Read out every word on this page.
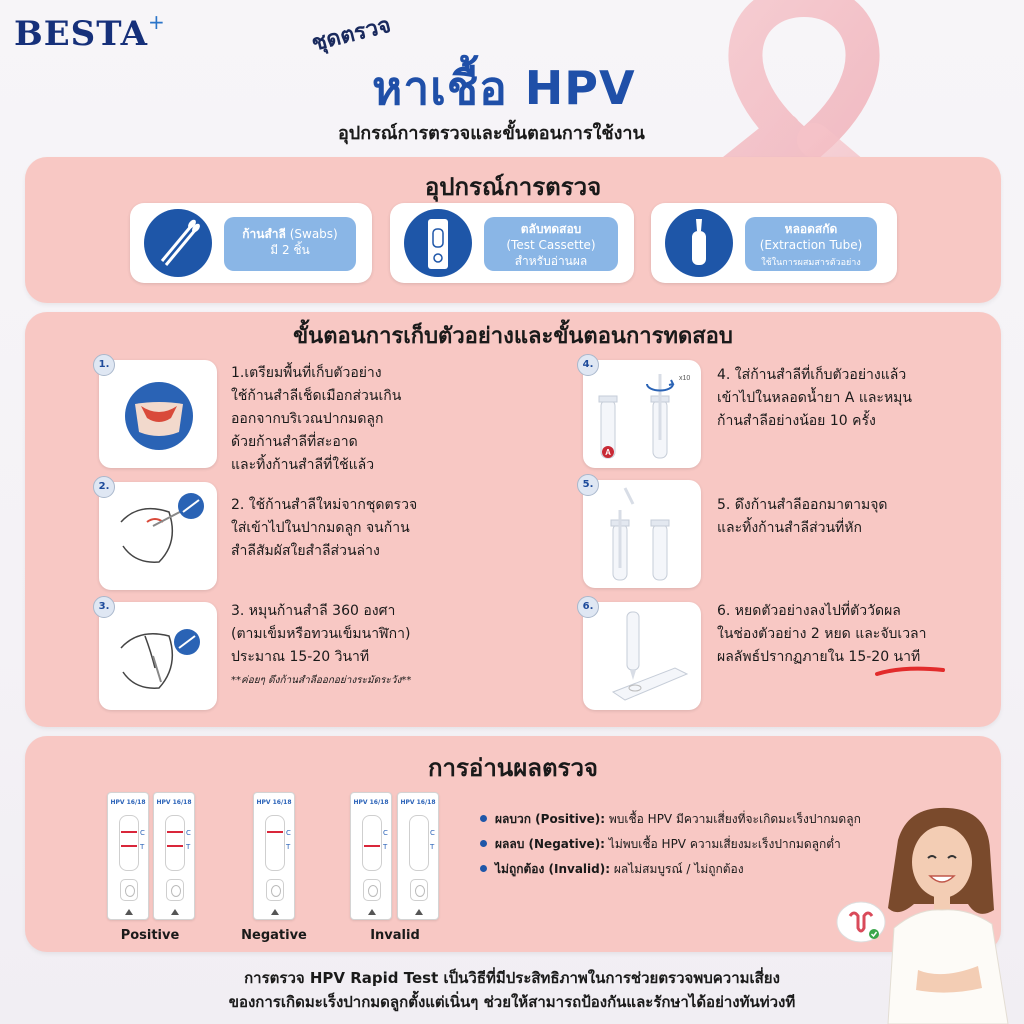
BESTA+	ชุดตรวจ
หาเชื้อ HPV
อุปกรณ์การตรวจและขั้นตอนการใช้งาน
อุปกรณ์การตรวจ
ก้านสำลี (Swabs)
มี 2 ชิ้น
ตลับทดสอบ
(Test Cassette)
สำหรับอ่านผล
หลอดสกัด
(Extraction Tube)
ใช้ในการผสมสารตัวอย่าง
ขั้นตอนการเก็บตัวอย่างและขั้นตอนการทดสอบ
1.
1.เตรียมพื้นที่เก็บตัวอย่าง
ใช้ก้านสำลีเช็ดเมือกส่วนเกิน
ออกจากบริเวณปากมดลูก
ด้วยก้านสำลีที่สะอาด
และทิ้งก้านสำลีที่ใช้แล้ว
2.
2. ใช้ก้านสำลีใหม่จากชุดตรวจ
ใส่เข้าไปในปากมดลูก จนก้าน
สำลีสัมผัสใยสำลีส่วนล่าง
3.	3. หมุนก้านสำลี 360 องศา
(ตามเข็มหรือทวนเข็มนาฬิกา)
ประมาณ 15-20 วินาที
**ค่อยๆ ดึงก้านสำลีออกอย่างระมัดระวัง**
A
x10
4.
4. ใส่ก้านสำลีที่เก็บตัวอย่างแล้ว
เข้าไปในหลอดน้ำยา A และหมุน
ก้านสำลีอย่างน้อย 10 ครั้ง
5.
5. ดึงก้านสำลีออกมาตามจุด
และทิ้งก้านสำลีส่วนที่หัก
6.	6. หยดตัวอย่างลงไปที่ตัววัดผล
ในช่องตัวอย่าง 2 หยด และจับเวลา
ผลลัพธ์ปรากฏภายใน 15-20 นาที
การอ่านผลตรวจ
HPV 16/18
C
T
HPV 16/18
C
T
HPV 16/18
C
T
HPV 16/18
C
T
HPV 16/18
C
T
Positive	Negative	Invalid
ผลบวก (Positive): พบเชื้อ HPV มีความเสี่ยงที่จะเกิดมะเร็งปากมดลูก
ผลลบ (Negative): ไม่พบเชื้อ HPV ความเสี่ยงมะเร็งปากมดลูกต่ำ
ไม่ถูกต้อง (Invalid): ผลไม่สมบูรณ์ / ไม่ถูกต้อง
การตรวจ HPV Rapid Test เป็นวิธีที่มีประสิทธิภาพในการช่วยตรวจพบความเสี่ยง
ของการเกิดมะเร็งปากมดลูกตั้งแต่เนิ่นๆ ช่วยให้สามารถป้องกันและรักษาได้อย่างทันท่วงที
